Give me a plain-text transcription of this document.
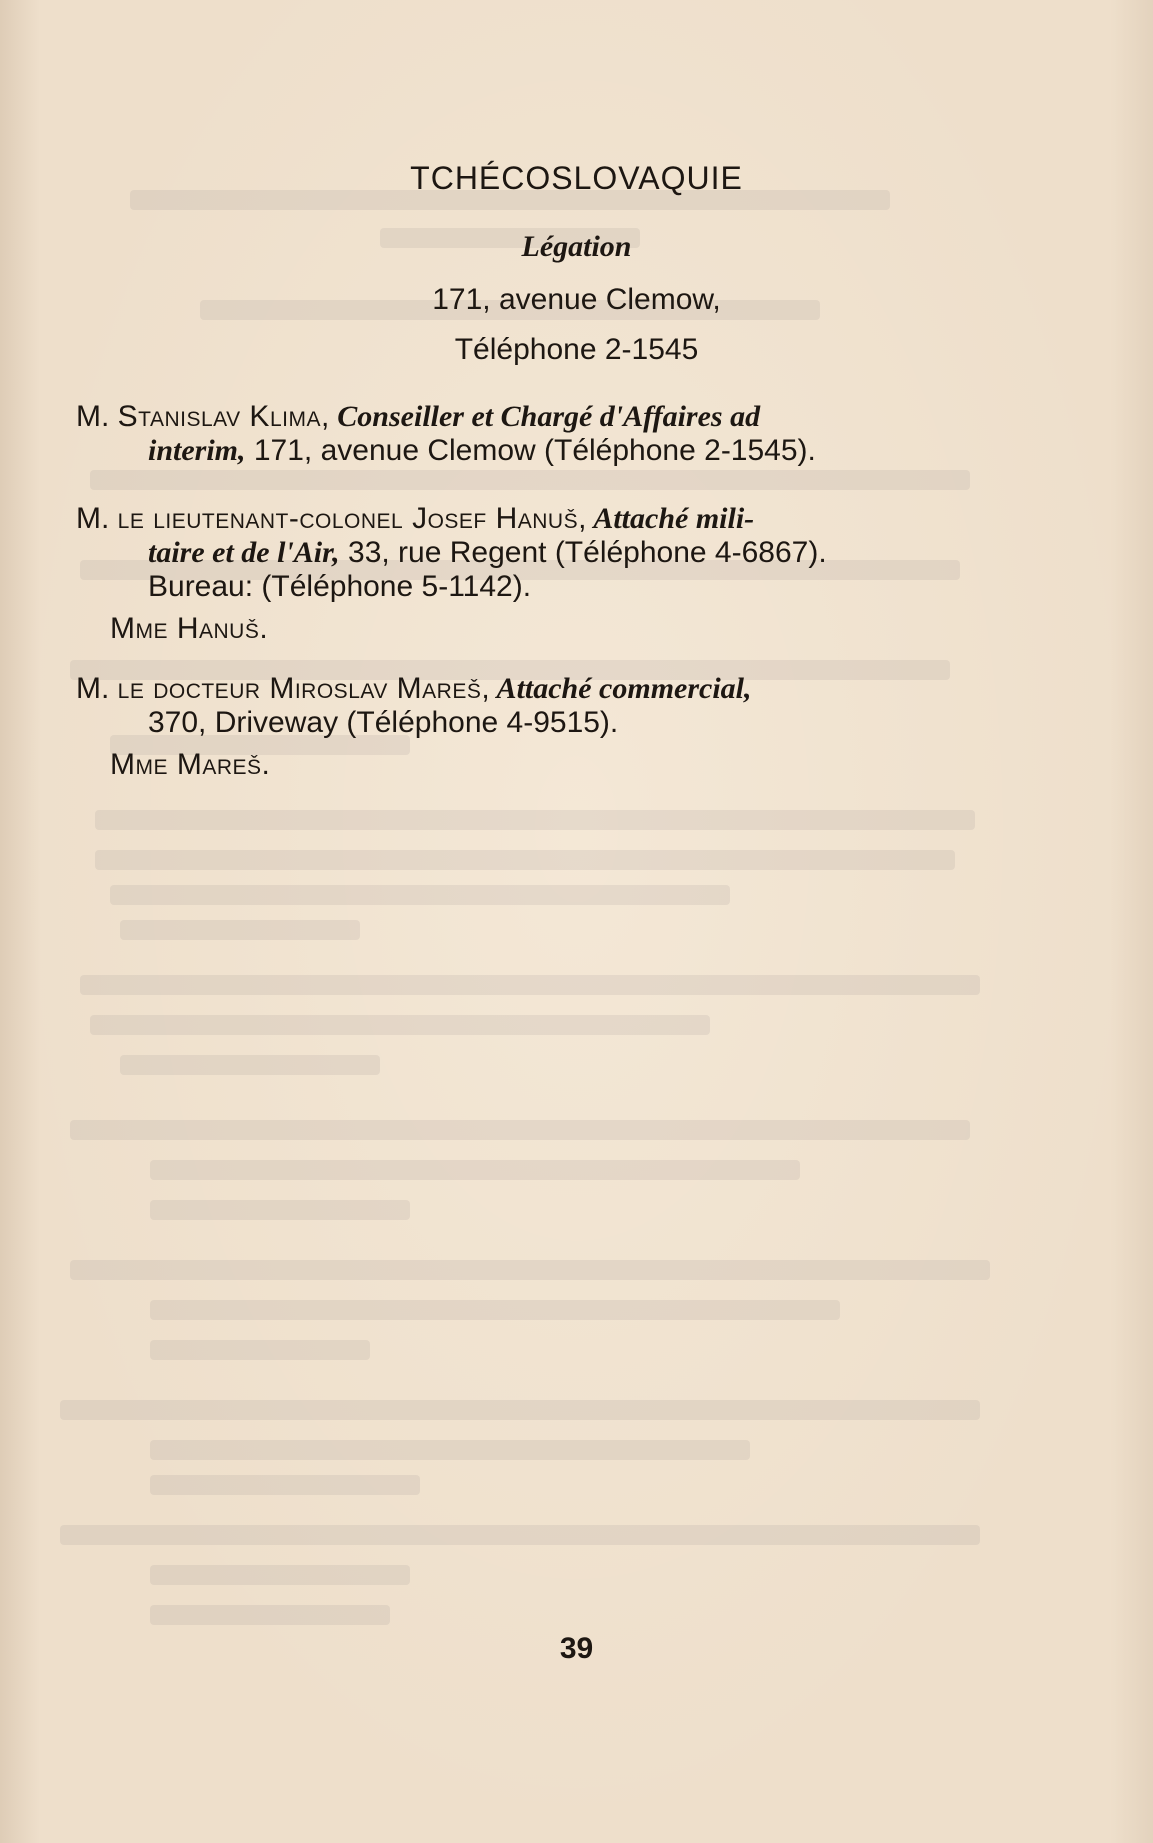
TCHÉCOSLOVAQUIE
Légation
171, avenue Clemow,
Téléphone 2-1545
M. Stanislav Klima, Conseiller et Chargé d'Affaires ad
interim, 171, avenue Clemow (Téléphone 2-1545).
M. le lieutenant-colonel Josef Hanuš, Attaché mili-
taire et de l'Air, 33, rue Regent (Téléphone 4-6867).
Bureau: (Téléphone 5-1142).
Mme Hanuš.
M. le docteur Miroslav Mareš, Attaché commercial,
370, Driveway (Téléphone 4-9515).
Mme Mareš.
39
